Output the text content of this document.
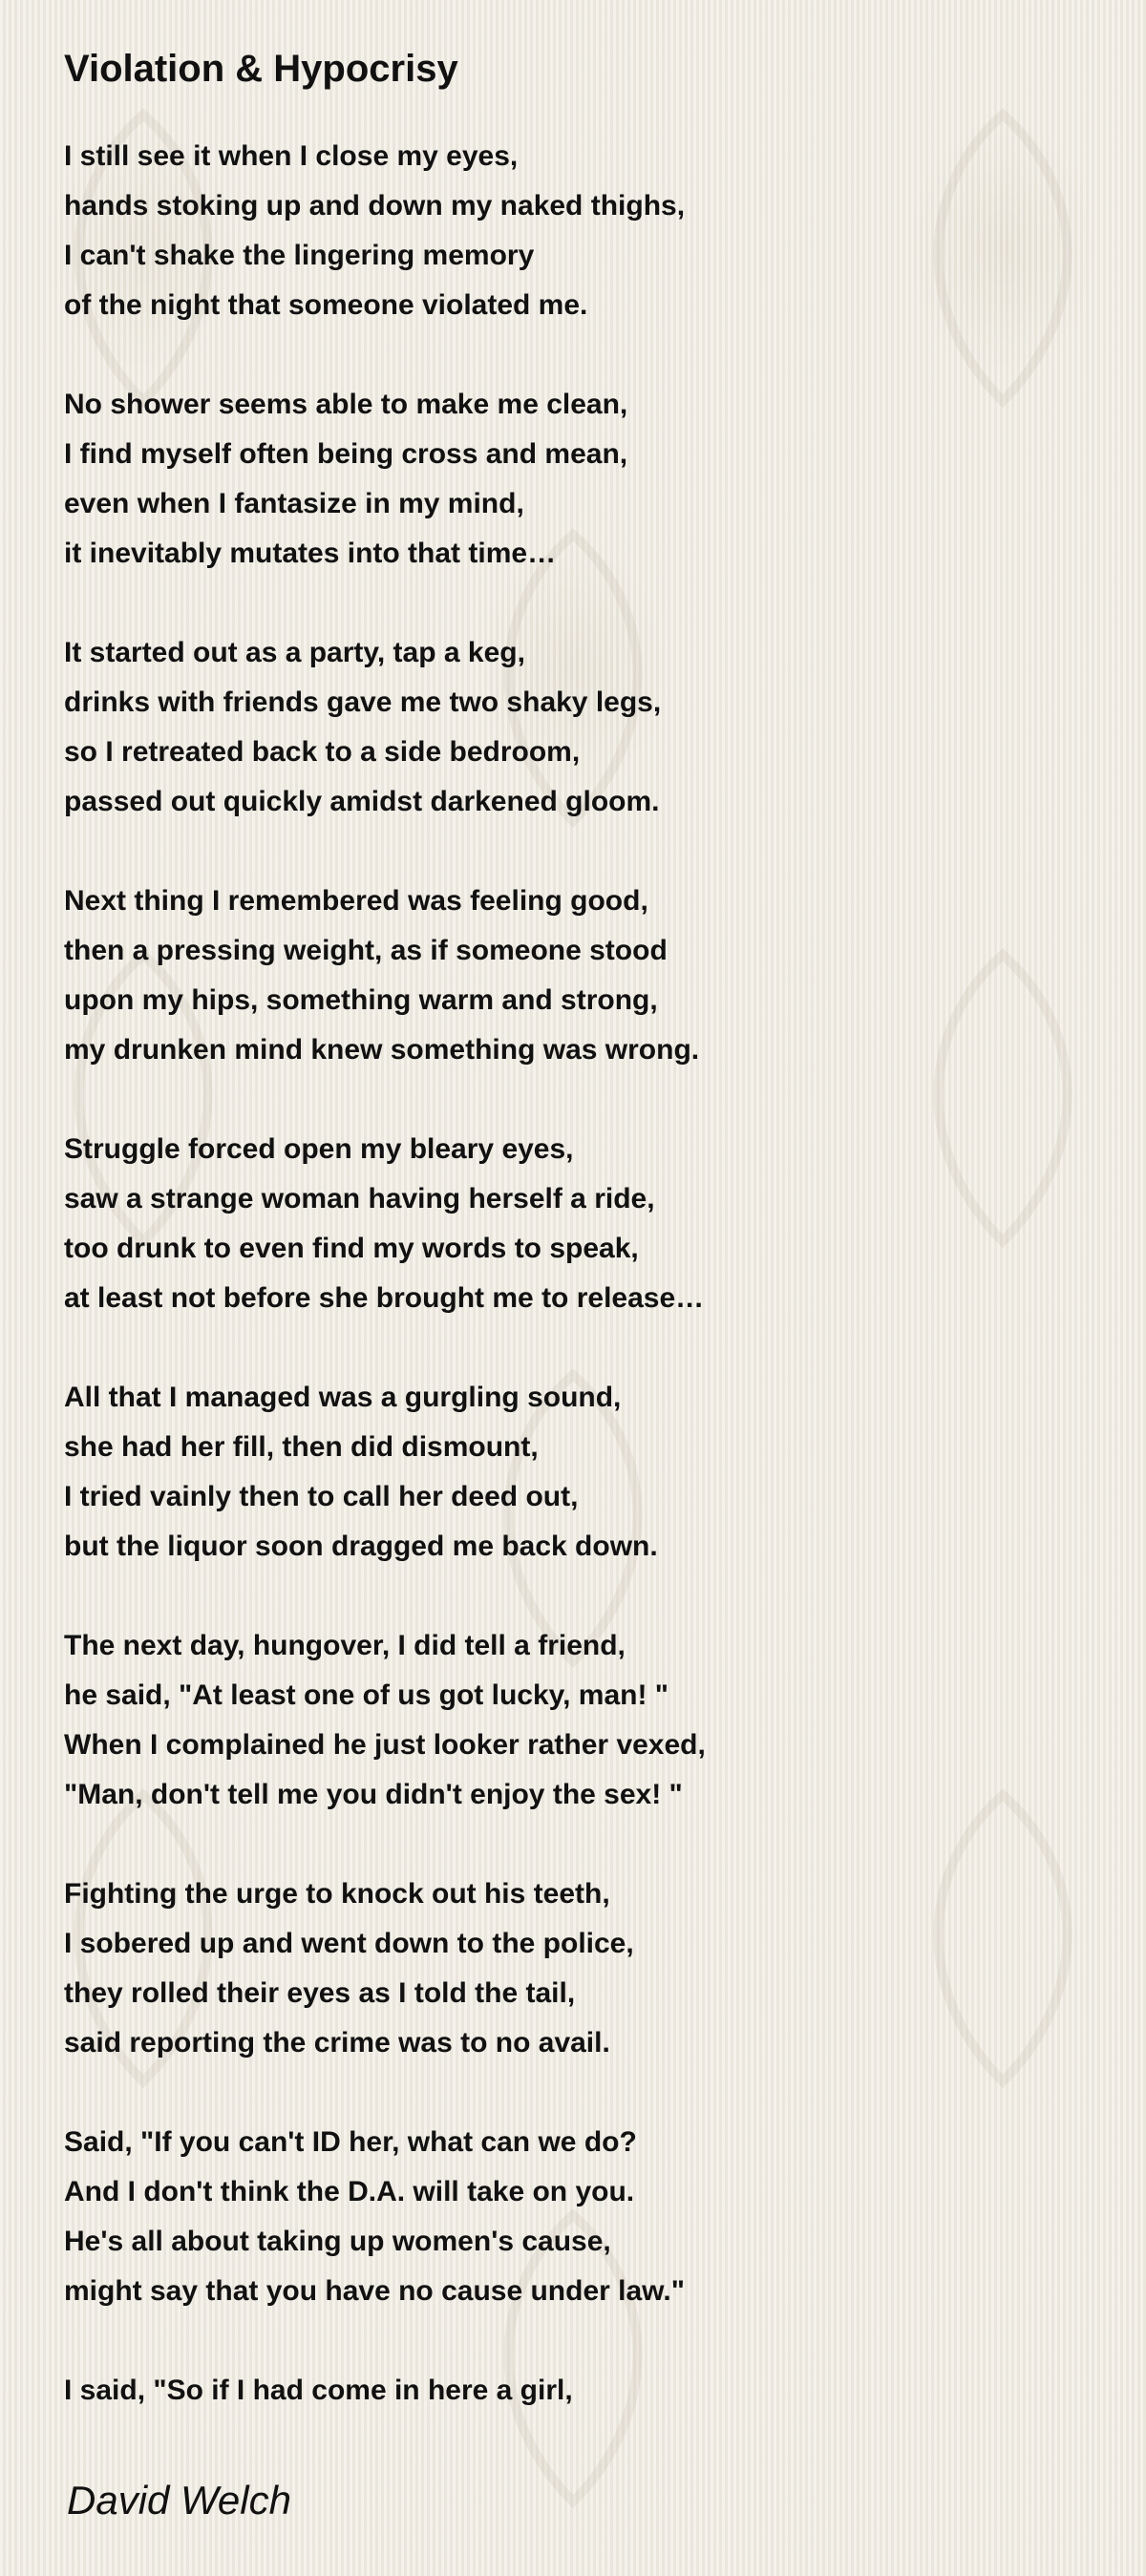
Violation & Hypocrisy
I still see it when I close my eyes,
hands stoking up and down my naked thighs,
I can't shake the lingering memory
of the night that someone violated me.
No shower seems able to make me clean,
I find myself often being cross and mean,
even when I fantasize in my mind,
it inevitably mutates into that time…
It started out as a party, tap a keg,
drinks with friends gave me two shaky legs,
so I retreated back to a side bedroom,
passed out quickly amidst darkened gloom.
Next thing I remembered was feeling good,
then a pressing weight, as if someone stood
upon my hips, something warm and strong,
my drunken mind knew something was wrong.
Struggle forced open my bleary eyes,
saw a strange woman having herself a ride,
too drunk to even find my words to speak,
at least not before she brought me to release…
All that I managed was a gurgling sound,
she had her fill, then did dismount,
I tried vainly then to call her deed out,
but the liquor soon dragged me back down.
The next day, hungover, I did tell a friend,
he said, "At least one of us got lucky, man! "
When I complained he just looker rather vexed,
"Man, don't tell me you didn't enjoy the sex! "
Fighting the urge to knock out his teeth,
I sobered up and went down to the police,
they rolled their eyes as I told the tail,
said reporting the crime was to no avail.
Said, "If you can't ID her, what can we do?
And I don't think the D.A. will take on you.
He's all about taking up women's cause,
might say that you have no cause under law."
I said, "So if I had come in here a girl,
David Welch
